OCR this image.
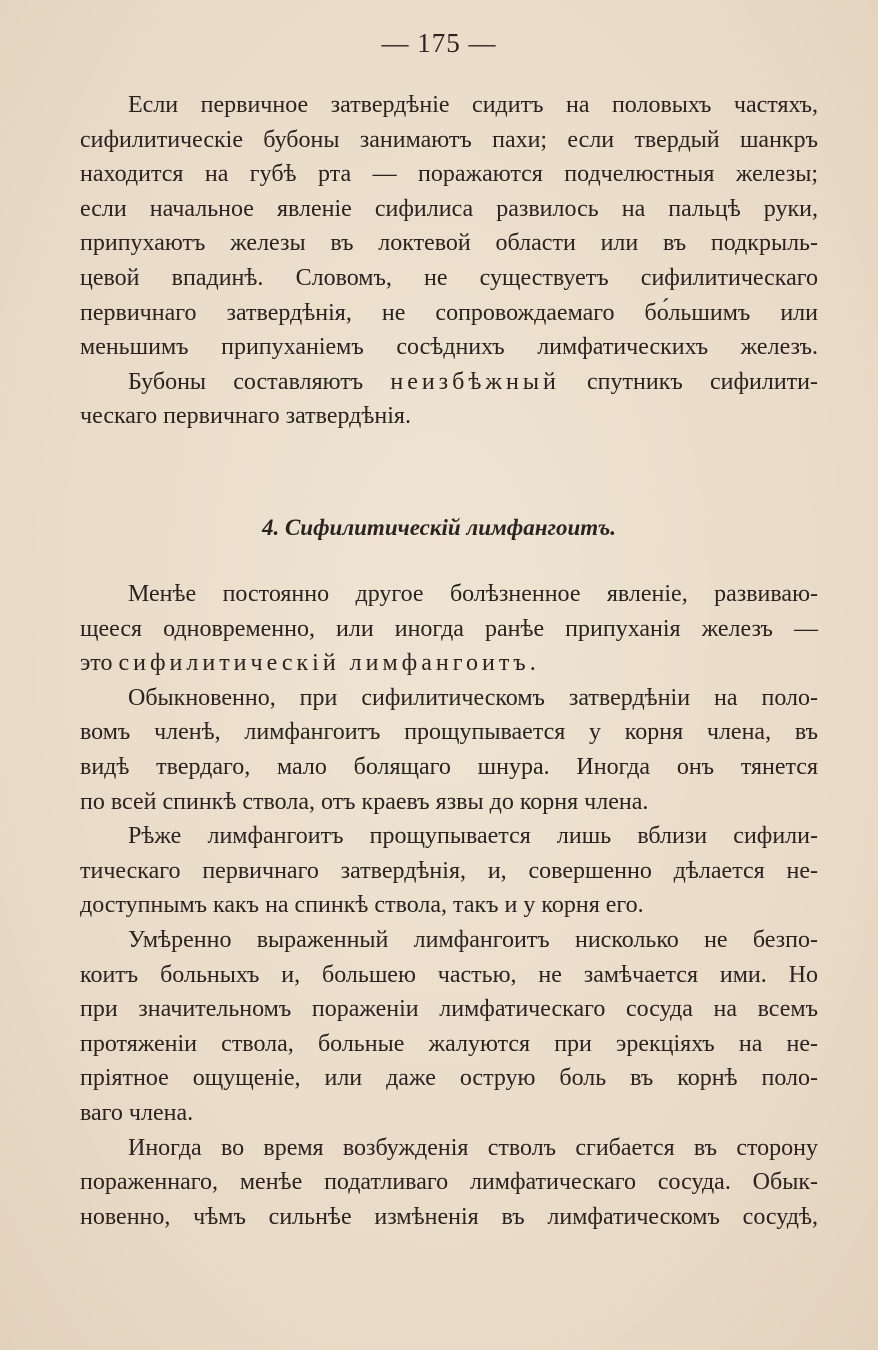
— 175 —
Если первичное затвердѣніе сидитъ на половыхъ частяхъ,
сифилитическіе бубоны занимаютъ пахи; если твердый шанкръ
находится на губѣ рта — поражаются подчелюстныя железы;
если начальное явленіе сифилиса развилось на пальцѣ руки,
припухаютъ железы въ локтевой области или въ подкрыль-
цевой впадинѣ. Словомъ, не существуетъ сифилитическаго
первичнаго затвердѣнія, не сопровождаемаго бо́льшимъ или
меньшимъ припуханіемъ сосѣднихъ лимфатическихъ железъ.
Бубоны составляютъ неизбѣжный спутникъ сифилити-
ческаго первичнаго затвердѣнія.
4. Сифилитическій лимфангоитъ.
Менѣе постоянно другое болѣзненное явленіе, развиваю-
щееся одновременно, или иногда ранѣе припуханія железъ —
это сифилитическій лимфангоитъ.
Обыкновенно, при сифилитическомъ затвердѣніи на поло-
вомъ членѣ, лимфангоитъ прощупывается у корня члена, въ
видѣ твердаго, мало болящаго шнура. Иногда онъ тянется
по всей спинкѣ ствола, отъ краевъ язвы до корня члена.
Рѣже лимфангоитъ прощупывается лишь вблизи сифили-
тическаго первичнаго затвердѣнія, и, совершенно дѣлается не-
доступнымъ какъ на спинкѣ ствола, такъ и у корня его.
Умѣренно выраженный лимфангоитъ нисколько не безпо-
коитъ больныхъ и, большею частью, не замѣчается ими. Но
при значительномъ пораженіи лимфатическаго сосуда на всемъ
протяженіи ствола, больные жалуются при эрекціяхъ на не-
пріятное ощущеніе, или даже острую боль въ корнѣ поло-
ваго члена.
Иногда во время возбужденія стволъ сгибается въ сторону
пораженнаго, менѣе податливаго лимфатическаго сосуда. Обык-
новенно, чѣмъ сильнѣе измѣненія въ лимфатическомъ сосудѣ,
